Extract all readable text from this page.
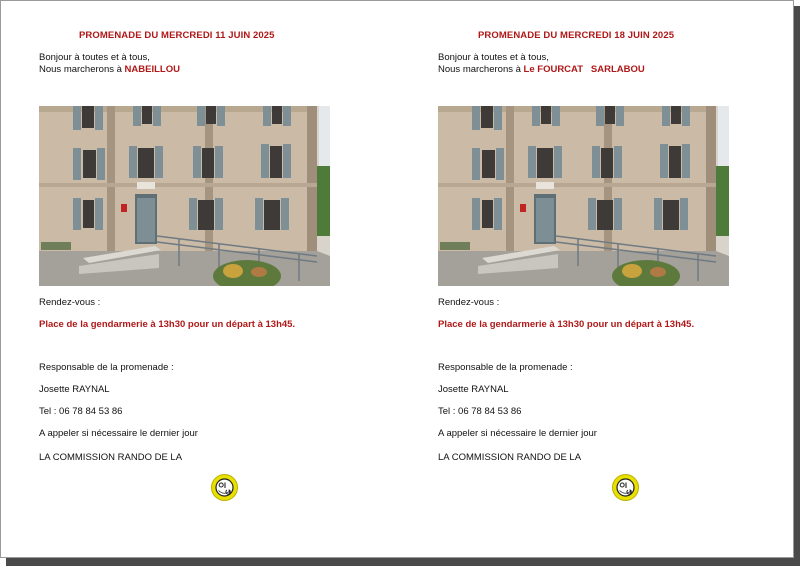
PROMENADE DU MERCREDI 11 JUIN 2025
Bonjour à toutes et à tous,
Nous marcherons à NABEILLOU
Rendez-vous :
Place de la gendarmerie à 13h30 pour un départ à 13h45.
Responsable de la promenade :
Josette RAYNAL
Tel : 06 78 84 53 86
A appeler si nécessaire le dernier jour
LA COMMISSION RANDO DE LA
PROMENADE DU MERCREDI 18 JUIN 2025
Bonjour à toutes et à tous,
Nous marcherons à Le FOURCAT   SARLABOU
Rendez-vous :
Place de la gendarmerie à 13h30 pour un départ à 13h45.
Responsable de la promenade :
Josette RAYNAL
Tel : 06 78 84 53 86
A appeler si nécessaire le dernier jour
LA COMMISSION RANDO DE LA
